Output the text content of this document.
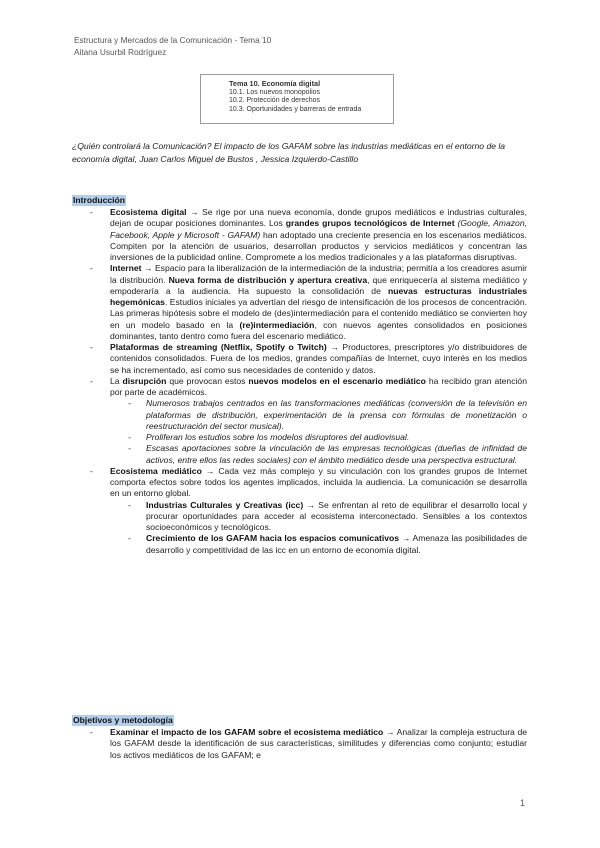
Estructura y Mercados de la Comunicación - Tema 10
Aitana Usurbil Rodríguez
Tema 10. Economía digital
10.1. Los nuevos monopolios
10.2. Protección de derechos
10.3. Oportunidades y barreras de entrada
¿Quién controlará la Comunicación? El impacto de los GAFAM sobre las industrias mediáticas en el entorno de la economía digital, Juan Carlos Miguel de Bustos , Jessica Izquierdo-Castillo
Introducción
- Ecosistema digital → Se rige por una nueva economía, donde grupos mediáticos e industrias culturales, dejan de ocupar posiciones dominantes. Los grandes grupos tecnológicos de Internet (Google, Amazon, Facebook, Apple y Microsoft - GAFAM) han adoptado una creciente presencia en los escenarios mediáticos. Compiten por la atención de usuarios, desarrollan productos y servicios mediáticos y concentran las inversiones de la publicidad online. Compromete a los medios tradicionales y a las plataformas disruptivas.
- Internet → Espacio para la liberalización de la intermediación de la industria; permitía a los creadores asumir la distribución. Nueva forma de distribución y apertura creativa, que enriquecería al sistema mediático y empoderaría a la audiencia. Ha supuesto la consolidación de nuevas estructuras industriales hegemónicas. Estudios iniciales ya advertían del riesgo de intensificación de los procesos de concentración. Las primeras hipótesis sobre el modelo de (des)intermediación para el contenido mediático se convierten hoy en un modelo basado en la (re)intermediación, con nuevos agentes consolidados en posiciones dominantes, tanto dentro como fuera del escenario mediático.
- Plataformas de streaming (Netflix, Spotify o Twitch) → Productores, prescriptores y/o distribuidores de contenidos consolidados. Fuera de los medios, grandes compañías de Internet, cuyo interés en los medios se ha incrementado, así como sus necesidades de contenido y datos.
- La disrupción que provocan estos nuevos modelos en el escenario mediático ha recibido gran atención por parte de académicos.
- Numerosos trabajos centrados en las transformaciones mediáticas (conversión de la televisión en plataformas de distribución, experimentación de la prensa con fórmulas de monetización o reestructuración del sector musical).
- Proliferan los estudios sobre los modelos disruptores del audiovisual.
- Escasas aportaciones sobre la vinculación de las empresas tecnológicas (dueñas de infinidad de activos, entre ellos las redes sociales) con el ámbito mediático desde una perspectiva estructural.
- Ecosistema mediático → Cada vez más complejo y su vinculación con los grandes grupos de Internet comporta efectos sobre todos los agentes implicados, incluida la audiencia. La comunicación se desarrolla en un entorno global.
- Industrias Culturales y Creativas (icc) → Se enfrentan al reto de equilibrar el desarrollo local y procurar oportunidades para acceder al ecosistema interconectado. Sensibles a los contextos socioeconómicos y tecnológicos.
- Crecimiento de los GAFAM hacia los espacios comunicativos → Amenaza las posibilidades de desarrollo y competitividad de las icc en un entorno de economía digital.
Objetivos y metodología
- Examinar el impacto de los GAFAM sobre el ecosistema mediático → Analizar la compleja estructura de los GAFAM desde la identificación de sus características, similitudes y diferencias como conjunto; estudiar los activos mediáticos de los GAFAM; e
1
